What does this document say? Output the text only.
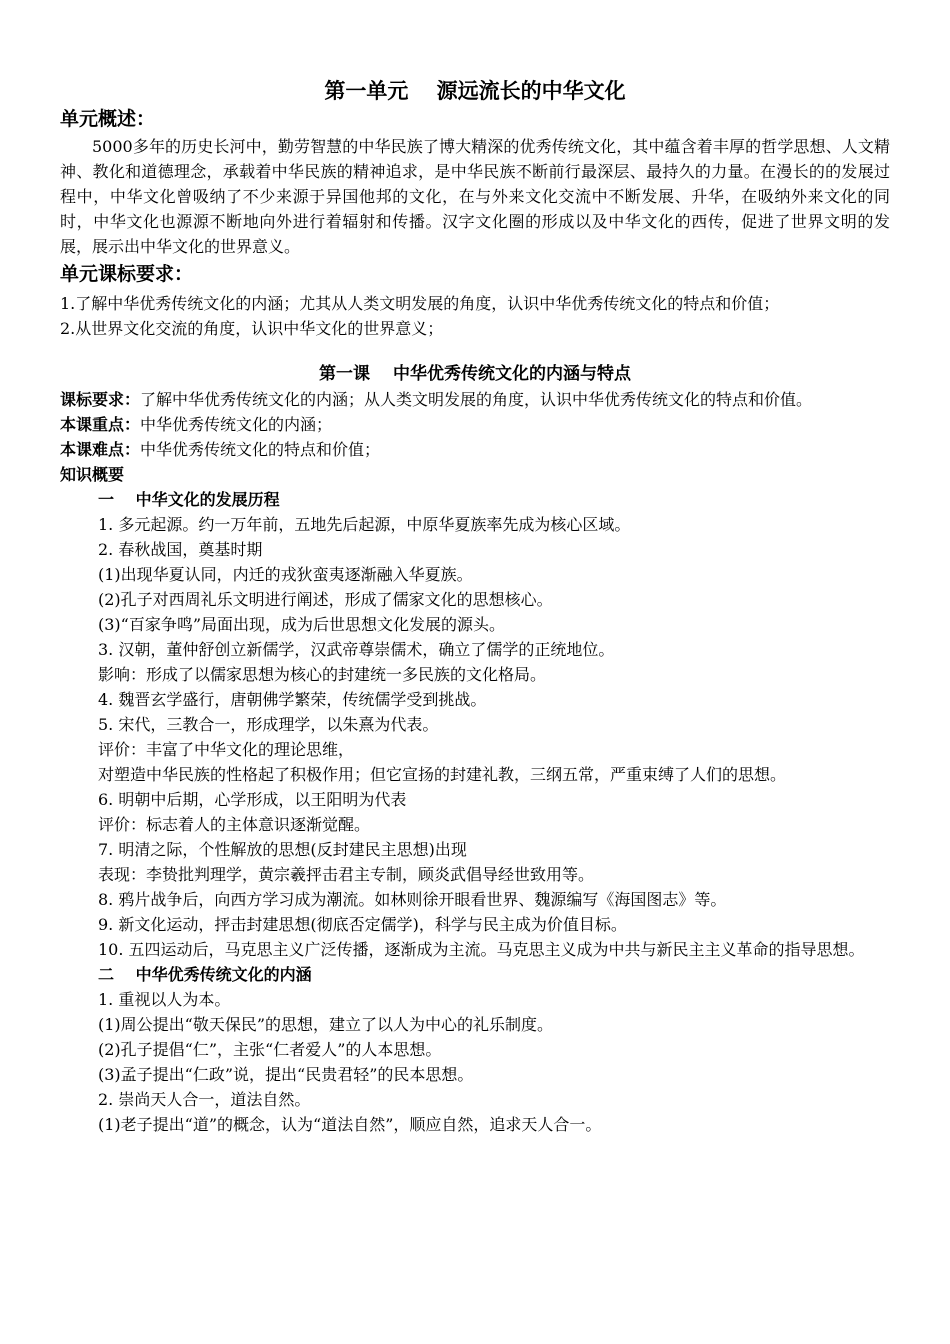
第一单元　 源远流长的中华文化
单元概述：

5000多年的历史长河中，勤劳智慧的中华民族了博大精深的优秀传统文化，其中蕴含着丰厚的哲学思想、人文精神、教化和道德理念，承载着中华民族的精神追求，是中华民族不断前行最深层、最持久的力量。在漫长的的发展过程中，中华文化曾吸纳了不少来源于异国他邦的文化，在与外来文化交流中不断发展、升华，在吸纳外来文化的同时，中华文化也源源不断地向外进行着辐射和传播。汉字文化圈的形成以及中华文化的西传，促进了世界文明的发展，展示出中华文化的世界意义。

单元课标要求：
1.了解中华优秀传统文化的内涵；尤其从人类文明发展的角度，认识中华优秀传统文化的特点和价值；
2.从世界文化交流的角度，认识中华文化的世界意义；
第一课　 中华优秀传统文化的内涵与特点

课标要求：了解中华优秀传统文化的内涵；从人类文明发展的角度，认识中华优秀传统文化的特点和价值。

本课重点：中华优秀传统文化的内涵；

本课难点：中华优秀传统文化的特点和价值；

知识概要

一　 中华文化的发展历程

1. 多元起源。约一万年前，五地先后起源，中原华夏族率先成为核心区域。

2. 春秋战国，奠基时期

(1)出现华夏认同，内迁的戎狄蛮夷逐渐融入华夏族。

(2)孔子对西周礼乐文明进行阐述，形成了儒家文化的思想核心。

(3)“百家争鸣”局面出现，成为后世思想文化发展的源头。

3. 汉朝，董仲舒创立新儒学，汉武帝尊崇儒术，确立了儒学的正统地位。

影响：形成了以儒家思想为核心的封建统一多民族的文化格局。

4. 魏晋玄学盛行，唐朝佛学繁荣，传统儒学受到挑战。

5. 宋代，三教合一，形成理学，以朱熹为代表。

评价：丰富了中华文化的理论思维，

对塑造中华民族的性格起了积极作用；但它宣扬的封建礼教，三纲五常，严重束缚了人们的思想。

6. 明朝中后期，心学形成，以王阳明为代表

评价：标志着人的主体意识逐渐觉醒。

7. 明清之际，个性解放的思想(反封建民主思想)出现

表现：李贽批判理学，黄宗羲抨击君主专制，顾炎武倡导经世致用等。

8. 鸦片战争后，向西方学习成为潮流。如林则徐开眼看世界、魏源编写《海国图志》等。

9. 新文化运动，抨击封建思想(彻底否定儒学)，科学与民主成为价值目标。

10. 五四运动后，马克思主义广泛传播，逐渐成为主流。马克思主义成为中共与新民主主义革命的指导思想。

二　 中华优秀传统文化的内涵

1. 重视以人为本。

(1)周公提出“敬天保民”的思想，建立了以人为中心的礼乐制度。

(2)孔子提倡“仁”，主张“仁者爱人”的人本思想。

(3)孟子提出“仁政”说，提出“民贵君轻”的民本思想。

2. 崇尚天人合一，道法自然。

(1)老子提出“道”的概念，认为“道法自然”，顺应自然，追求天人合一。
